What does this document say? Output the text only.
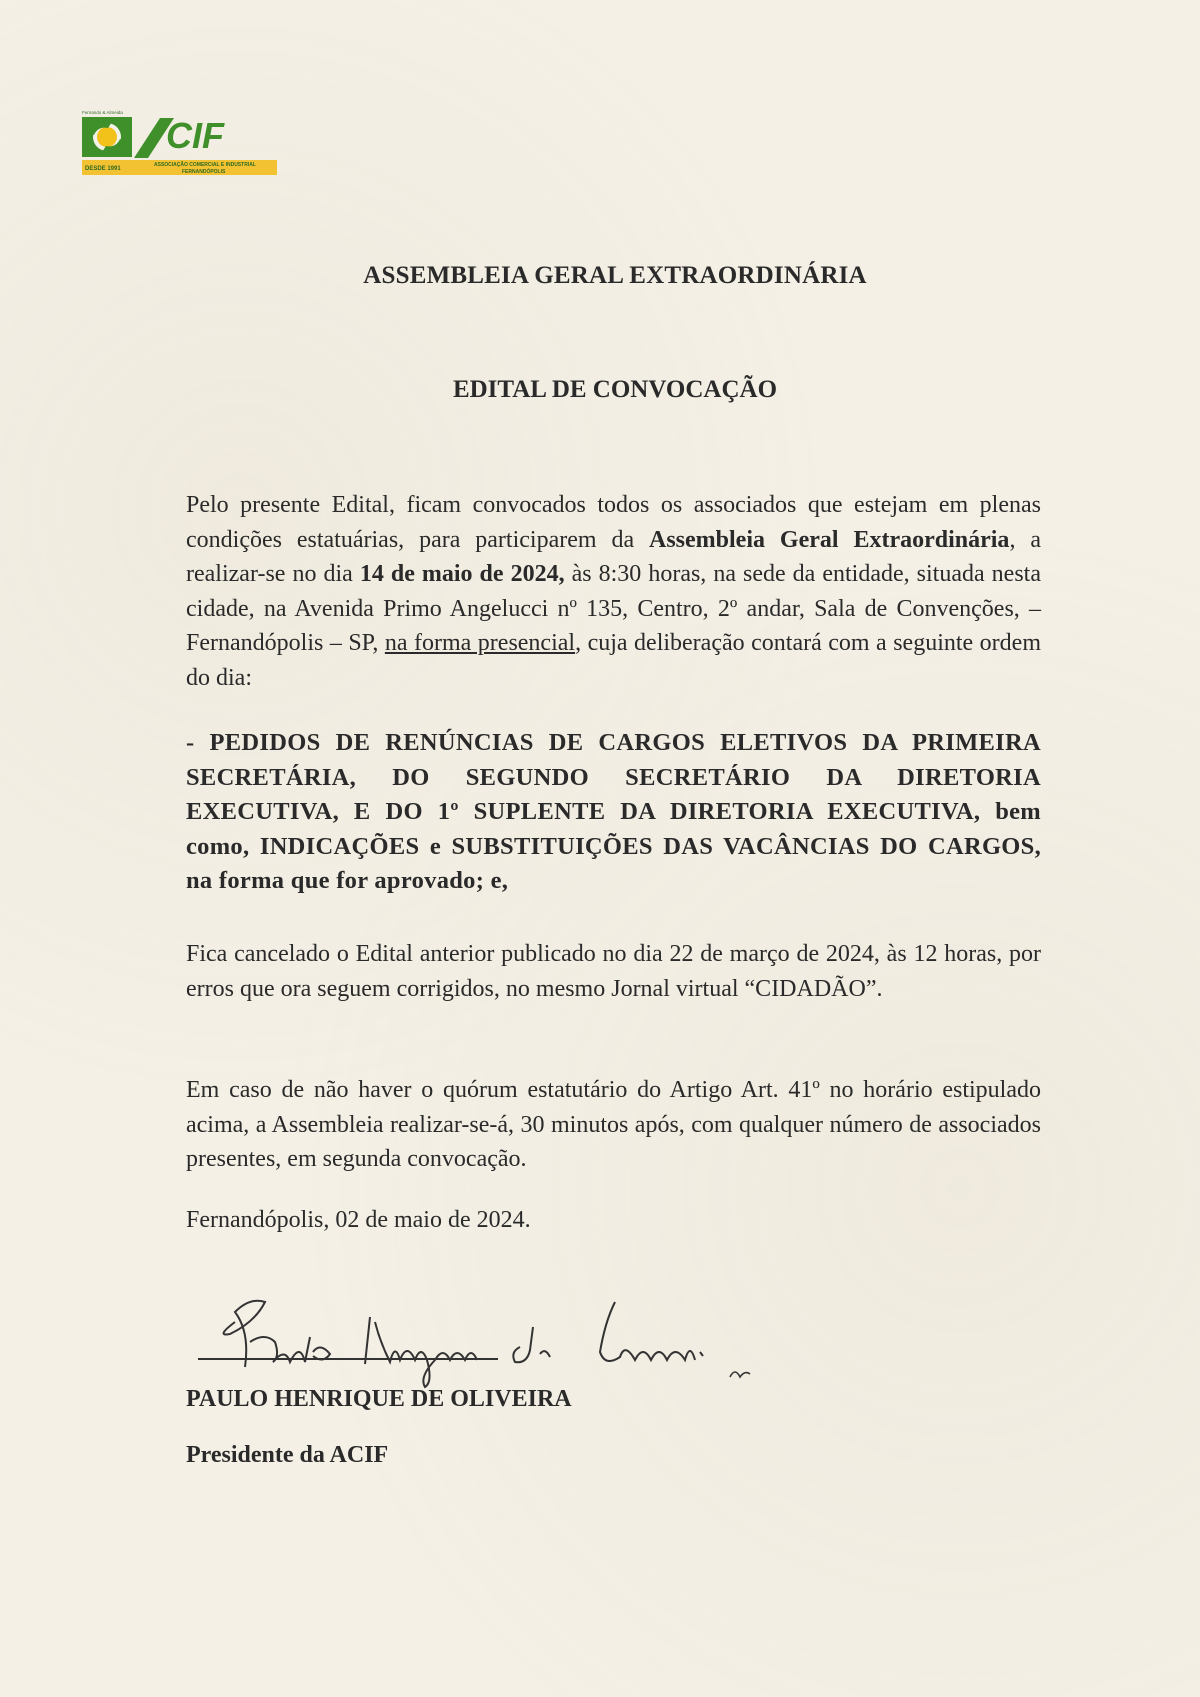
Fernando & Almeida
CIF
DESDE 1991
ASSOCIAÇÃO COMERCIAL E INDUSTRIAL
FERNANDÓPOLIS
ASSEMBLEIA GERAL EXTRAORDINÁRIA
EDITAL DE CONVOCAÇÃO
Pelo presente Edital, ficam convocados todos os associados que estejam em plenas condições estatuárias, para participarem da Assembleia Geral Extraordinária, a realizar-se no dia 14 de maio de 2024, às 8:30 horas, na sede da entidade, situada nesta cidade, na Avenida Primo Angelucci nº 135, Centro, 2º andar, Sala de Convenções, – Fernandópolis – SP, na forma presencial, cuja deliberação contará com a seguinte ordem do dia:
- PEDIDOS DE RENÚNCIAS DE CARGOS ELETIVOS DA PRIMEIRA SECRETÁRIA, DO SEGUNDO SECRETÁRIO DA DIRETORIA EXECUTIVA, E DO 1º SUPLENTE DA DIRETORIA EXECUTIVA, bem como, INDICAÇÕES e SUBSTITUIÇÕES DAS VACÂNCIAS DO CARGOS, na forma que for aprovado; e,
Fica cancelado o Edital anterior publicado no dia 22 de março de 2024, às 12 horas, por erros que ora seguem corrigidos, no mesmo Jornal virtual “CIDADÃO”.
Em caso de não haver o quórum estatutário do Artigo Art. 41º no horário estipulado acima, a Assembleia realizar-se-á, 30 minutos após, com qualquer número de associados presentes, em segunda convocação.
Fernandópolis, 02 de maio de 2024.
PAULO HENRIQUE DE OLIVEIRA
Presidente da ACIF
